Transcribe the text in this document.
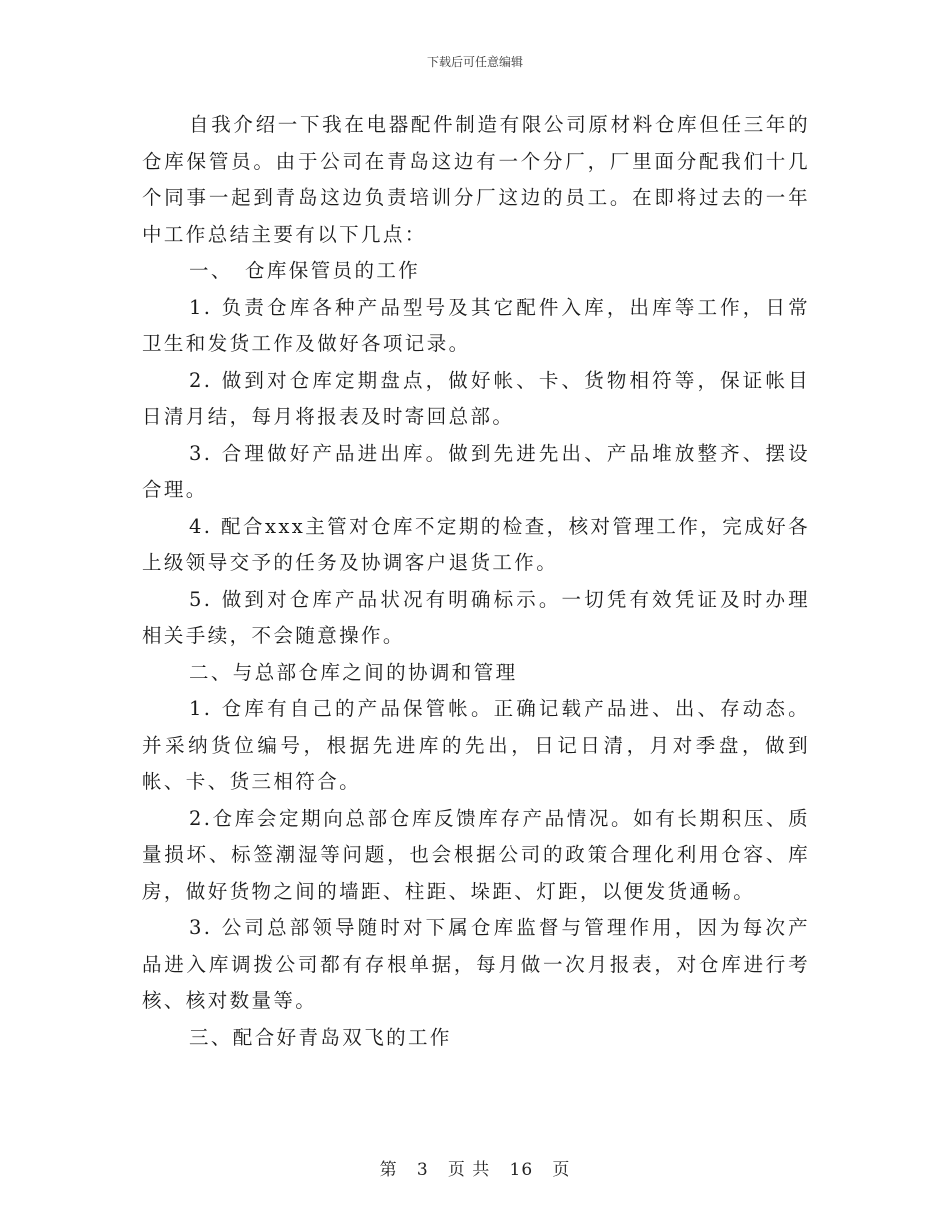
下载后可任意编辑

自我介绍一下我在电器配件制造有限公司原材料仓库但任三年的仓库保管员。由于公司在青岛这边有一个分厂，厂里面分配我们十几个同事一起到青岛这边负责培训分厂这边的员工。在即将过去的一年中工作总结主要有以下几点：

一、　仓库保管员的工作

1. 负责仓库各种产品型号及其它配件入库，出库等工作，日常卫生和发货工作及做好各项记录。

2. 做到对仓库定期盘点，做好帐、卡、货物相符等，保证帐目日清月结，每月将报表及时寄回总部。

3. 合理做好产品进出库。做到先进先出、产品堆放整齐、摆设合理。

4. 配合xxx主管对仓库不定期的检查，核对管理工作，完成好各上级领导交予的任务及协调客户退货工作。

5. 做到对仓库产品状况有明确标示。一切凭有效凭证及时办理相关手续，不会随意操作。

二、与总部仓库之间的协调和管理

1. 仓库有自己的产品保管帐。正确记载产品进、出、存动态。并采纳货位编号，根据先进库的先出，日记日清，月对季盘，做到帐、卡、货三相符合。

2.仓库会定期向总部仓库反馈库存产品情况。如有长期积压、质量损坏、标签潮湿等问题，也会根据公司的政策合理化利用仓容、库房，做好货物之间的墙距、柱距、垛距、灯距，以便发货通畅。

3. 公司总部领导随时对下属仓库监督与管理作用，因为每次产品进入库调拨公司都有存根单据，每月做一次月报表，对仓库进行考核、核对数量等。

三、配合好青岛双飞的工作

第 3 页 共 16 页
